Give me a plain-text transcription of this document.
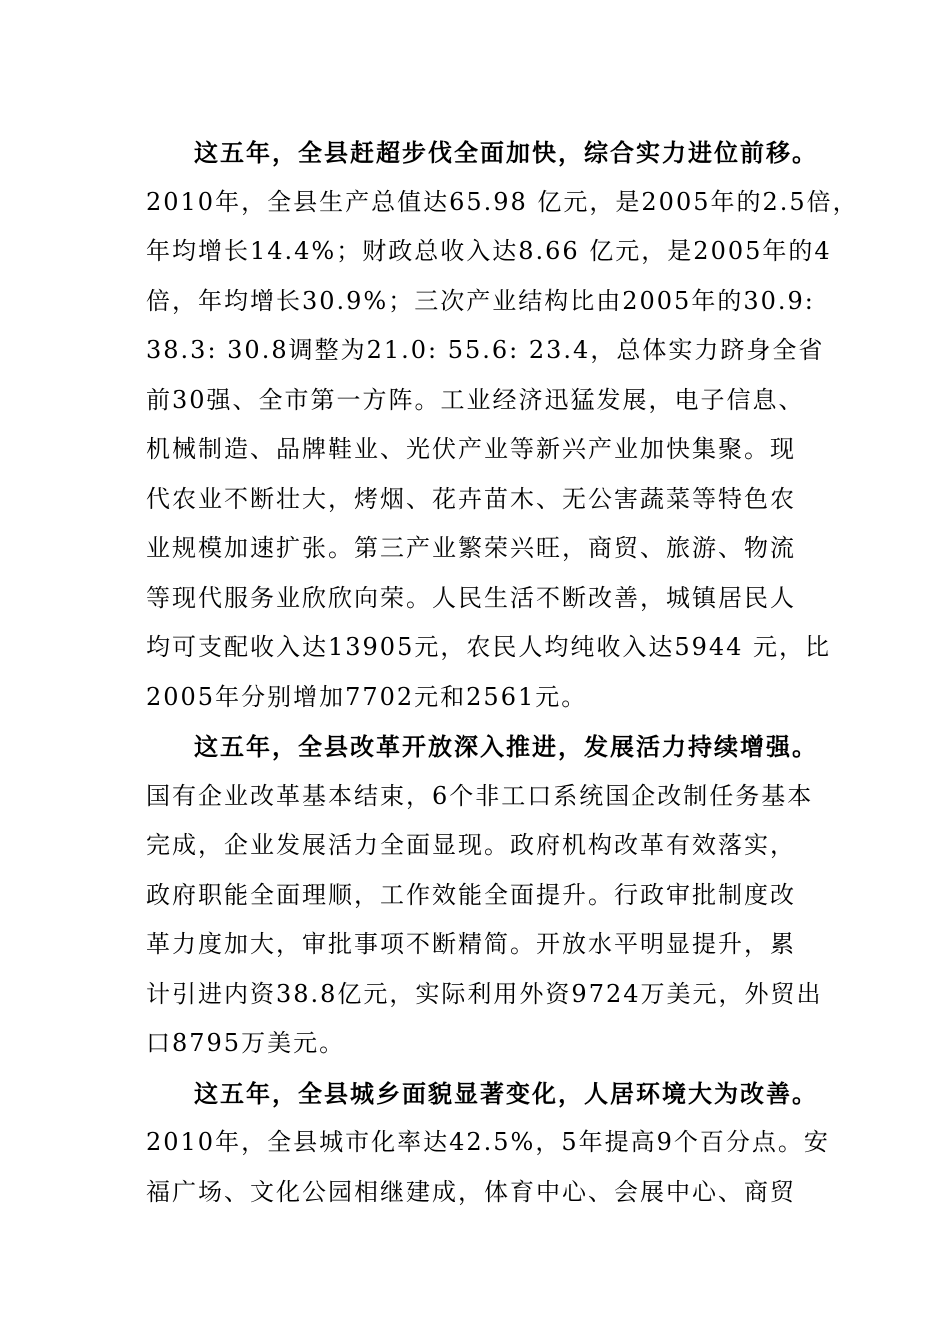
这五年，全县赶超步伐全面加快，综合实力进位前移。
2010年，全县生产总值达65.98 亿元，是2005年的2.5倍，
年均增长14.4%；财政总收入达8.66 亿元，是2005年的4
倍，年均增长30.9%；三次产业结构比由2005年的30.9:
38.3: 30.8调整为21.0: 55.6: 23.4，总体实力跻身全省
前30强、全市第一方阵。工业经济迅猛发展，电子信息、
机械制造、品牌鞋业、光伏产业等新兴产业加快集聚。现
代农业不断壮大，烤烟、花卉苗木、无公害蔬菜等特色农
业规模加速扩张。第三产业繁荣兴旺，商贸、旅游、物流
等现代服务业欣欣向荣。人民生活不断改善，城镇居民人
均可支配收入达13905元，农民人均纯收入达5944 元，比
2005年分别增加7702元和2561元。
这五年，全县改革开放深入推进，发展活力持续增强。
国有企业改革基本结束，6个非工口系统国企改制任务基本
完成，企业发展活力全面显现。政府机构改革有效落实，
政府职能全面理顺，工作效能全面提升。行政审批制度改
革力度加大，审批事项不断精简。开放水平明显提升，累
计引进内资38.8亿元，实际利用外资9724万美元，外贸出
口8795万美元。
这五年，全县城乡面貌显著变化，人居环境大为改善。
2010年，全县城市化率达42.5%，5年提高9个百分点。安
福广场、文化公园相继建成，体育中心、会展中心、商贸
